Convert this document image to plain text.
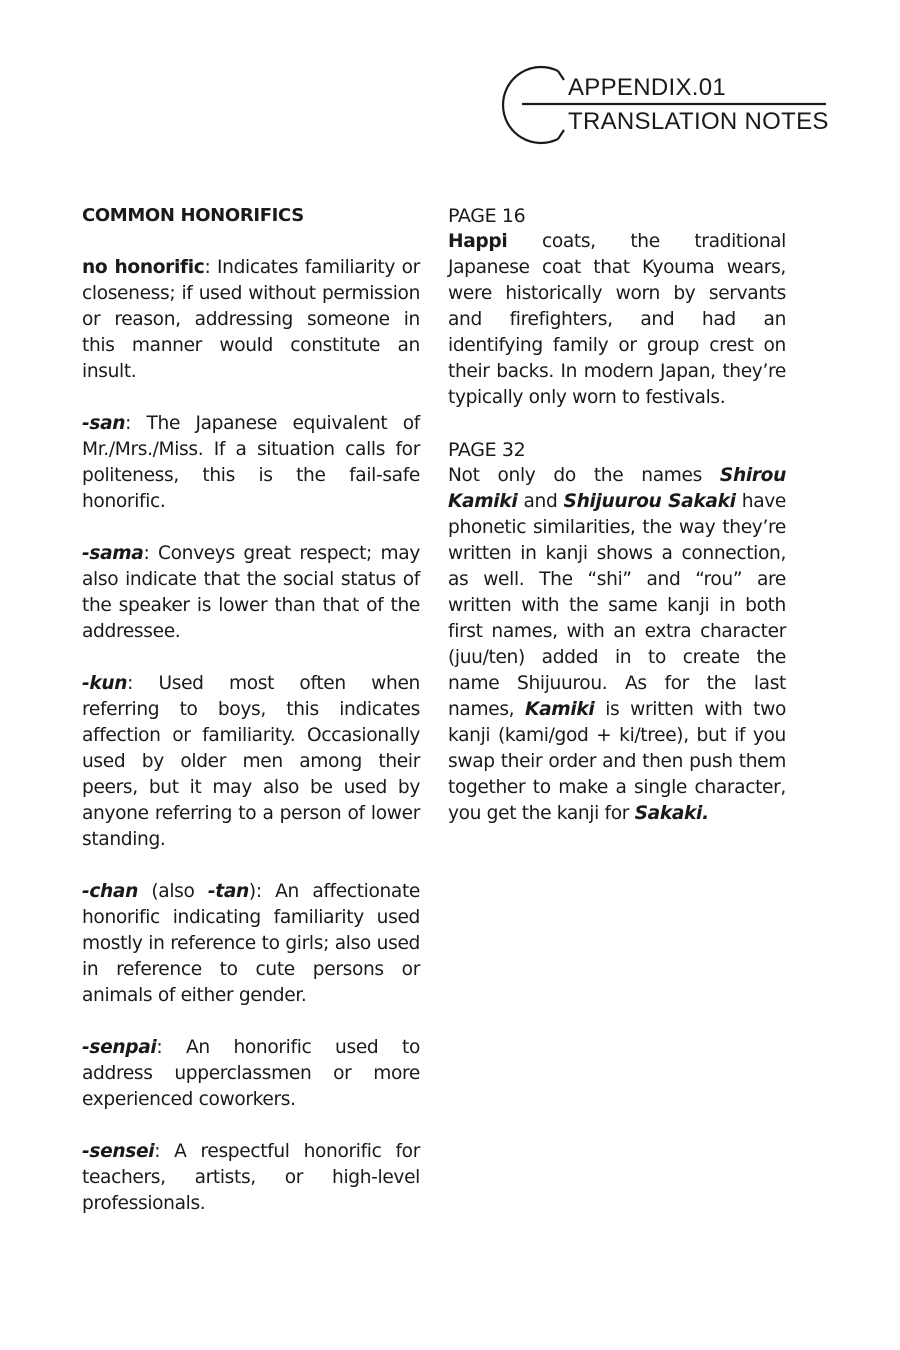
APPENDIX.01
TRANSLATION NOTES
COMMON HONORIFICS

no honorific: Indicates familiarity or closeness; if used without permission or reason, addressing someone in this manner would constitute an insult.

-san: The Japanese equivalent of Mr./Mrs./Miss. If a situation calls for politeness, this is the fail-safe honorific.

-sama: Conveys great respect; may also indicate that the social status of the speaker is lower than that of the addressee.

-kun: Used most often when referring to boys, this indicates affection or familiarity. Occasionally used by older men among their peers, but it may also be used by anyone referring to a person of lower standing.

-chan (also -tan): An affectionate honorific indicating familiarity used mostly in reference to girls; also used in reference to cute persons or animals of either gender.

-senpai: An honorific used to address upperclassmen or more experienced coworkers.

-sensei: A respectful honorific for teachers, artists, or high-level professionals.

PAGE 16

Happi coats, the traditional Japanese coat that Kyouma wears, were historically worn by servants and firefighters, and had an identifying family or group crest on their backs. In modern Japan, they’re typically only worn to festivals.

PAGE 32

Not only do the names Shirou Kamiki and Shijuurou Sakaki have phonetic similarities, the way they’re written in kanji shows a connection, as well. The “shi” and “rou” are written with the same kanji in both first names, with an extra character (juu/ten) added in to create the name Shijuurou. As for the last names, Kamiki is written with two kanji (kami/god + ki/tree), but if you swap their order and then push them together to make a single character, you get the kanji for Sakaki.
